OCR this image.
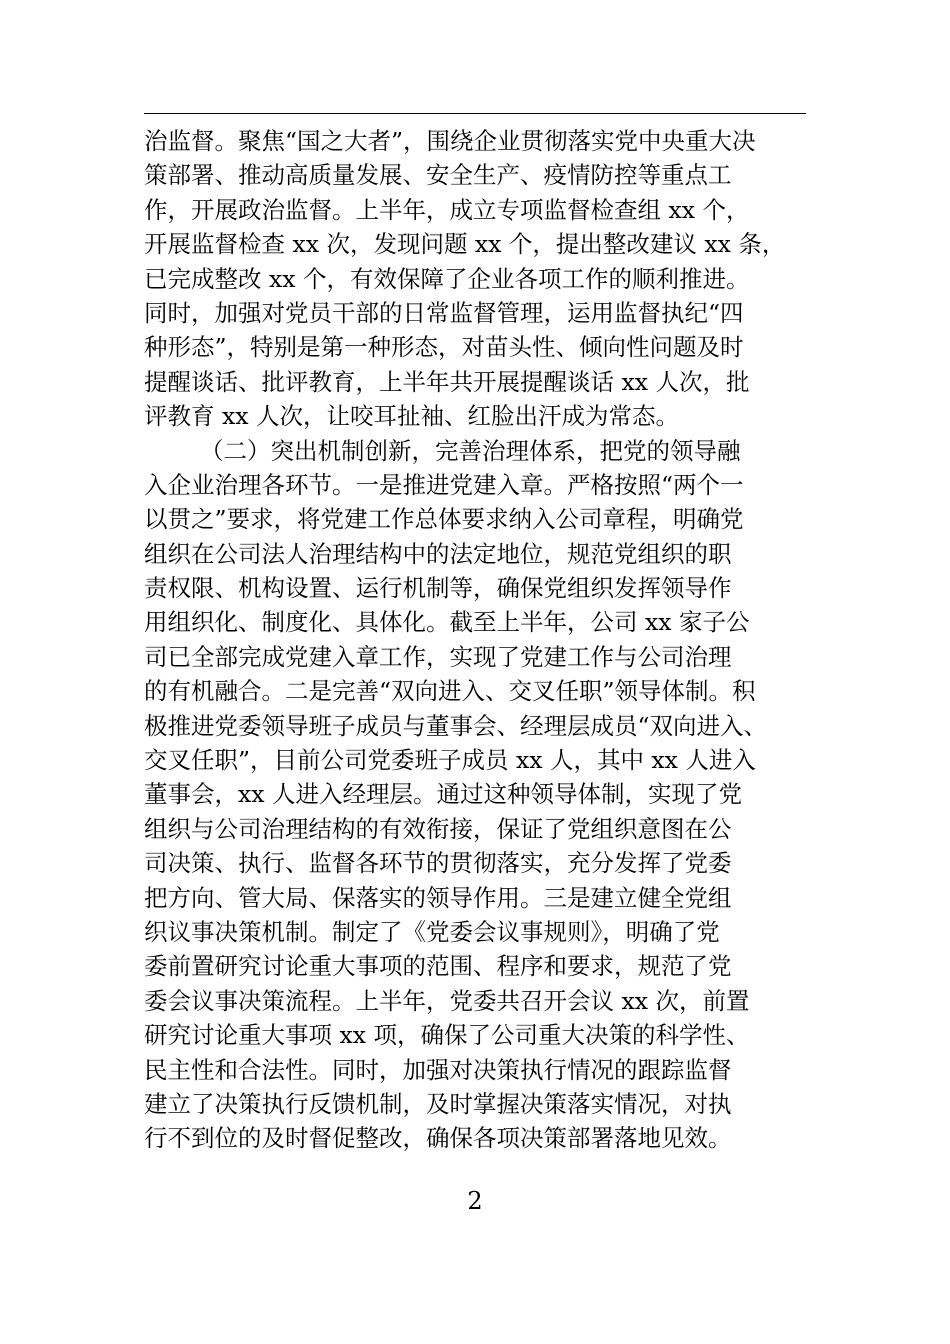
治监督。聚焦“国之大者”，围绕企业贯彻落实党中央重大决
策部署、推动高质量发展、安全生产、疫情防控等重点工
作，开展政治监督。上半年，成立专项监督检查组 xx 个，
开展监督检查 xx 次，发现问题 xx 个，提出整改建议 xx 条，
已完成整改 xx 个，有效保障了企业各项工作的顺利推进。
同时，加强对党员干部的日常监督管理，运用监督执纪“四
种形态”，特别是第一种形态，对苗头性、倾向性问题及时
提醒谈话、批评教育，上半年共开展提醒谈话 xx 人次，批
评教育 xx 人次，让咬耳扯袖、红脸出汗成为常态。
（二）突出机制创新，完善治理体系，把党的领导融
入企业治理各环节。一是推进党建入章。严格按照“两个一
以贯之”要求，将党建工作总体要求纳入公司章程，明确党
组织在公司法人治理结构中的法定地位，规范党组织的职
责权限、机构设置、运行机制等，确保党组织发挥领导作
用组织化、制度化、具体化。截至上半年，公司 xx 家子公
司已全部完成党建入章工作，实现了党建工作与公司治理
的有机融合。二是完善“双向进入、交叉任职”领导体制。积
极推进党委领导班子成员与董事会、经理层成员“双向进入、
交叉任职”，目前公司党委班子成员 xx 人，其中 xx 人进入
董事会，xx 人进入经理层。通过这种领导体制，实现了党
组织与公司治理结构的有效衔接，保证了党组织意图在公
司决策、执行、监督各环节的贯彻落实，充分发挥了党委
把方向、管大局、保落实的领导作用。三是建立健全党组
织议事决策机制。制定了《党委会议事规则》，明确了党
委前置研究讨论重大事项的范围、程序和要求，规范了党
委会议事决策流程。上半年，党委共召开会议 xx 次，前置
研究讨论重大事项 xx 项，确保了公司重大决策的科学性、
民主性和合法性。同时，加强对决策执行情况的跟踪监督
建立了决策执行反馈机制，及时掌握决策落实情况，对执
行不到位的及时督促整改，确保各项决策部署落地见效。
2
